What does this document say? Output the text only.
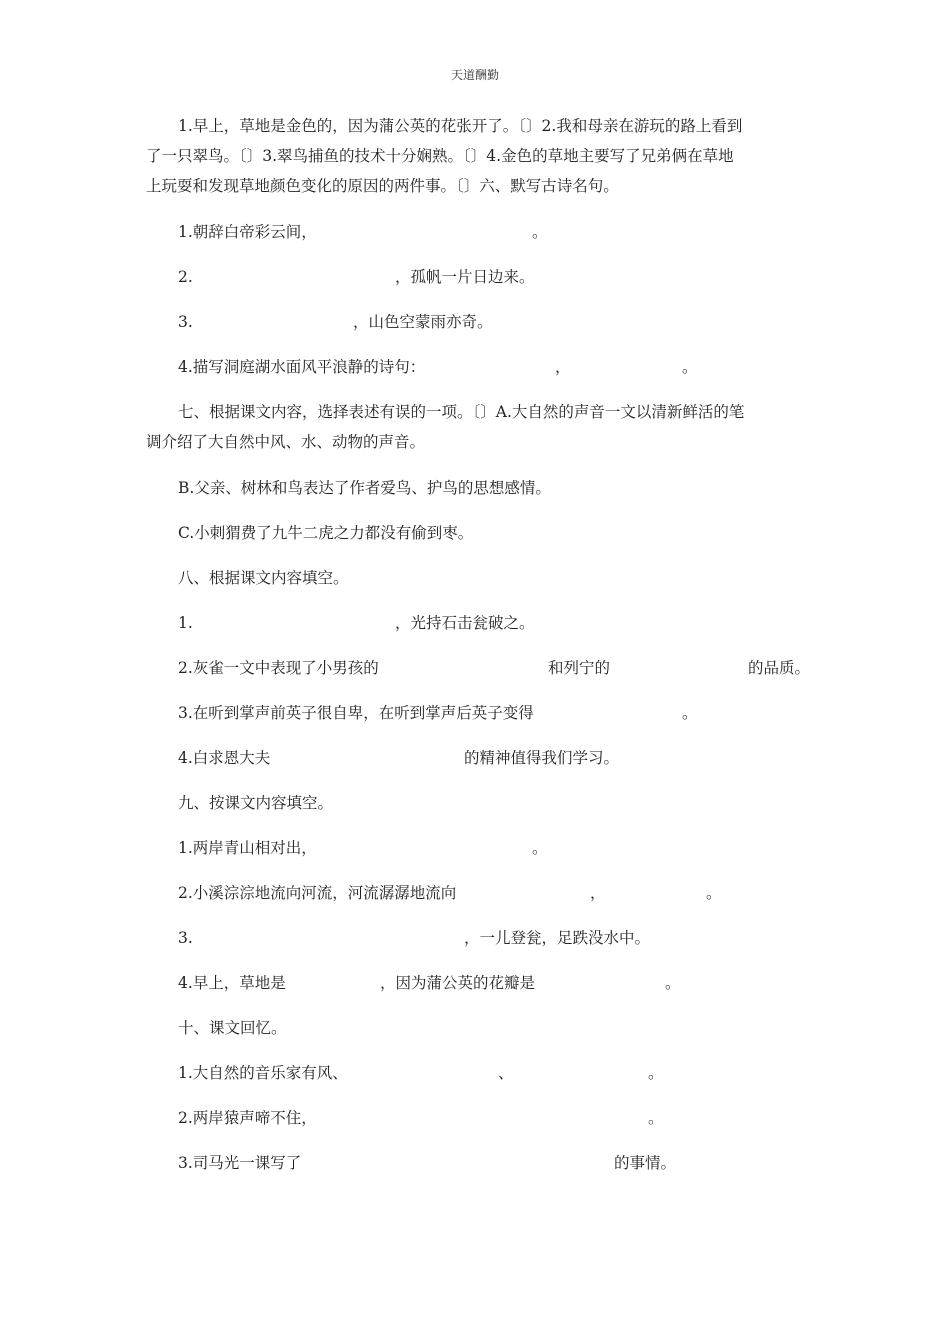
天道酬勤
1.早上，草地是金色的，因为蒲公英的花张开了。〔〕2.我和母亲在游玩的路上看到
了一只翠鸟。〔〕3.翠鸟捕鱼的技术十分娴熟。〔〕4.金色的草地主要写了兄弟俩在草地
上玩耍和发现草地颜色变化的原因的两件事。〔〕六、默写古诗名句。
1.朝辞白帝彩云间，	。
2.	，孤帆一片日边来。
3.	，山色空蒙雨亦奇。
4.描写洞庭湖水面风平浪静的诗句：	，	。
七、根据课文内容，选择表述有误的一项。〔〕A.大自然的声音一文以清新鲜活的笔
调介绍了大自然中风、水、动物的声音。
B.父亲、树林和鸟表达了作者爱鸟、护鸟的思想感情。
C.小刺猬费了九牛二虎之力都没有偷到枣。
八、根据课文内容填空。
1.	，光持石击瓮破之。
2.灰雀一文中表现了小男孩的	和列宁的	的品质。
3.在听到掌声前英子很自卑，在听到掌声后英子变得	。
4.白求恩大夫	的精神值得我们学习。
九、按课文内容填空。
1.两岸青山相对出，	。
2.小溪淙淙地流向河流，河流潺潺地流向	，	。
3.	，一儿登瓮，足跌没水中。
4.早上，草地是	，因为蒲公英的花瓣是	。
十、课文回忆。
1.大自然的音乐家有风、	、	。
2.两岸猿声啼不住，	。
3.司马光一课写了	的事情。
